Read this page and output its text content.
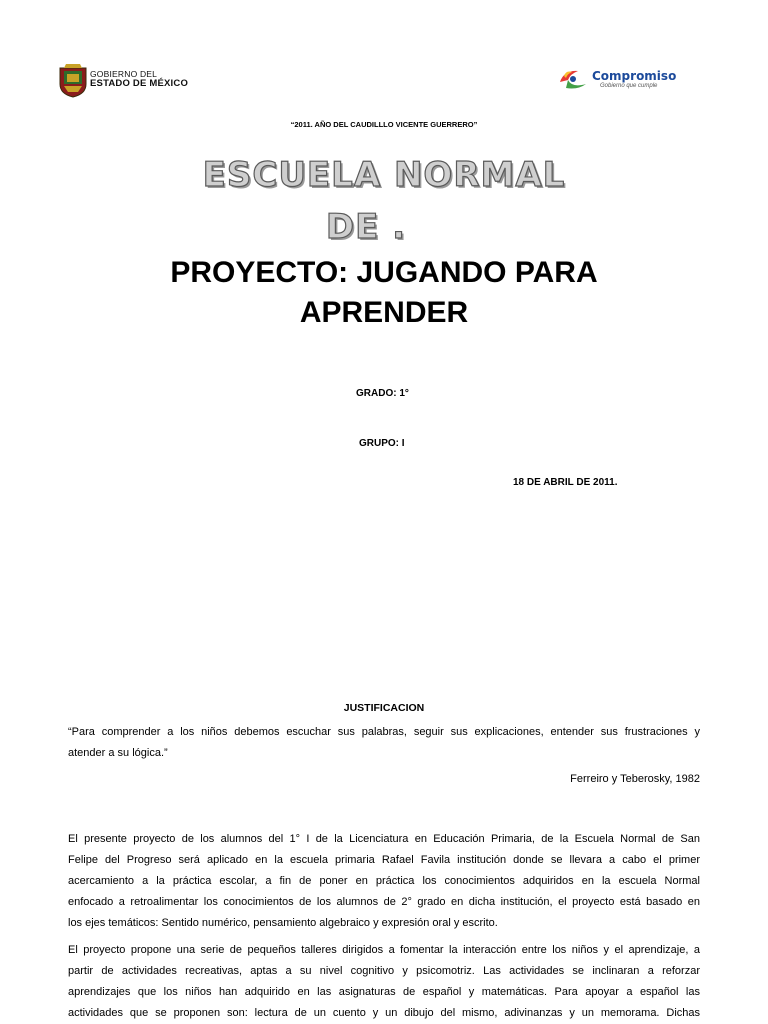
GOBIERNO DEL
ESTADO DE MÉXICO
Compromiso
Gobierno que cumple
“2011. AÑO DEL CAUDILLLO VICENTE GUERRERO”
ESCUELA NORMAL
DE .
PROYECTO: JUGANDO PARA
APRENDER
GRADO: 1°
GRUPO: I
18 DE ABRIL DE 2011.
JUSTIFICACION
“Para comprender a los niños debemos escuchar sus palabras, seguir sus explicaciones, entender sus frustraciones y
atender a su lógica.”
Ferreiro y Teberosky, 1982
El presente proyecto de los alumnos del 1° I de la Licenciatura en Educación Primaria, de la Escuela Normal de San
Felipe del Progreso será aplicado en la escuela primaria Rafael Favila institución donde se llevara a cabo el primer
acercamiento a la práctica escolar, a fin de poner en práctica los conocimientos adquiridos en la escuela Normal
enfocado a retroalimentar los conocimientos de los alumnos de 2° grado en dicha institución, el proyecto está basado en
los ejes temáticos: Sentido numérico, pensamiento algebraico y expresión oral y escrito.
El proyecto propone una serie de pequeños talleres dirigidos a fomentar la interacción entre los niños y el aprendizaje, a
partir de actividades recreativas, aptas a su nivel cognitivo y psicomotriz. Las actividades se inclinaran a reforzar
aprendizajes que los niños han adquirido en las asignaturas de español y matemáticas. Para apoyar a español las
actividades que se proponen son: lectura de un cuento y un dibujo del mismo, adivinanzas y un memorama. Dichas
